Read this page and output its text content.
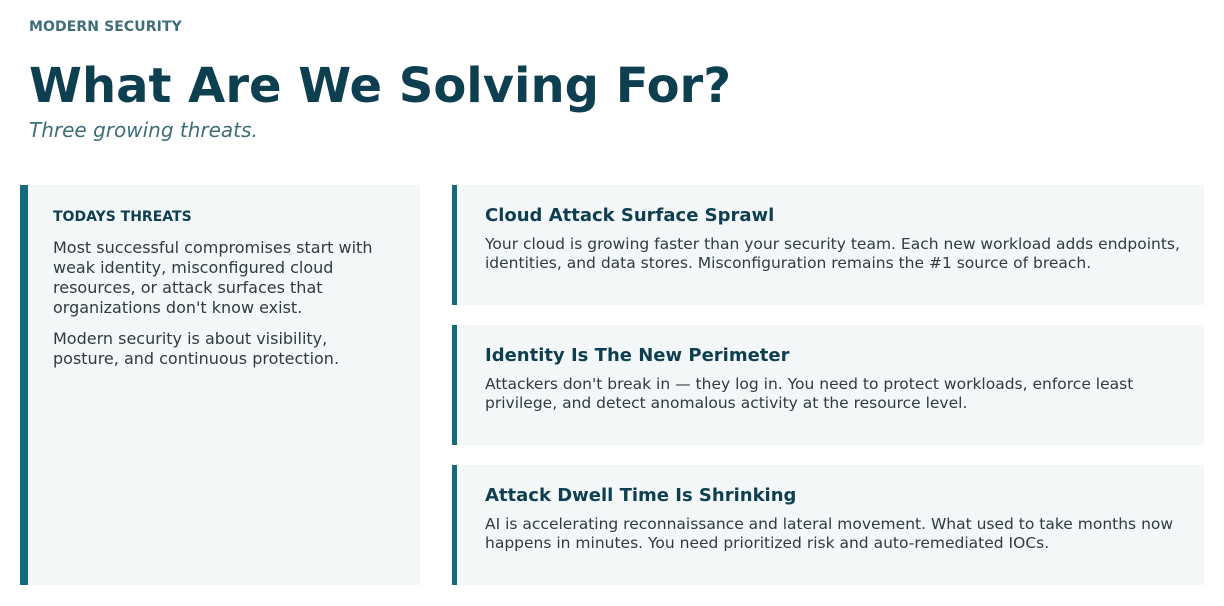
MODERN SECURITY
What Are We Solving For?
Three growing threats.
TODAYS THREATS

Most successful compromises start with weak identity, misconfigured cloud resources, or attack surfaces that organizations don't know exist.

Modern security is about visibility, posture, and continuous protection.

Cloud Attack Surface Sprawl

Your cloud is growing faster than your security team. Each new workload adds endpoints, identities, and data stores. Misconfiguration remains the #1 source of breach.

Identity Is The New Perimeter

Attackers don't break in — they log in. You need to protect workloads, enforce least privilege, and detect anomalous activity at the resource level.

Attack Dwell Time Is Shrinking

AI is accelerating reconnaissance and lateral movement. What used to take months now happens in minutes. You need prioritized risk and auto-remediated IOCs.
